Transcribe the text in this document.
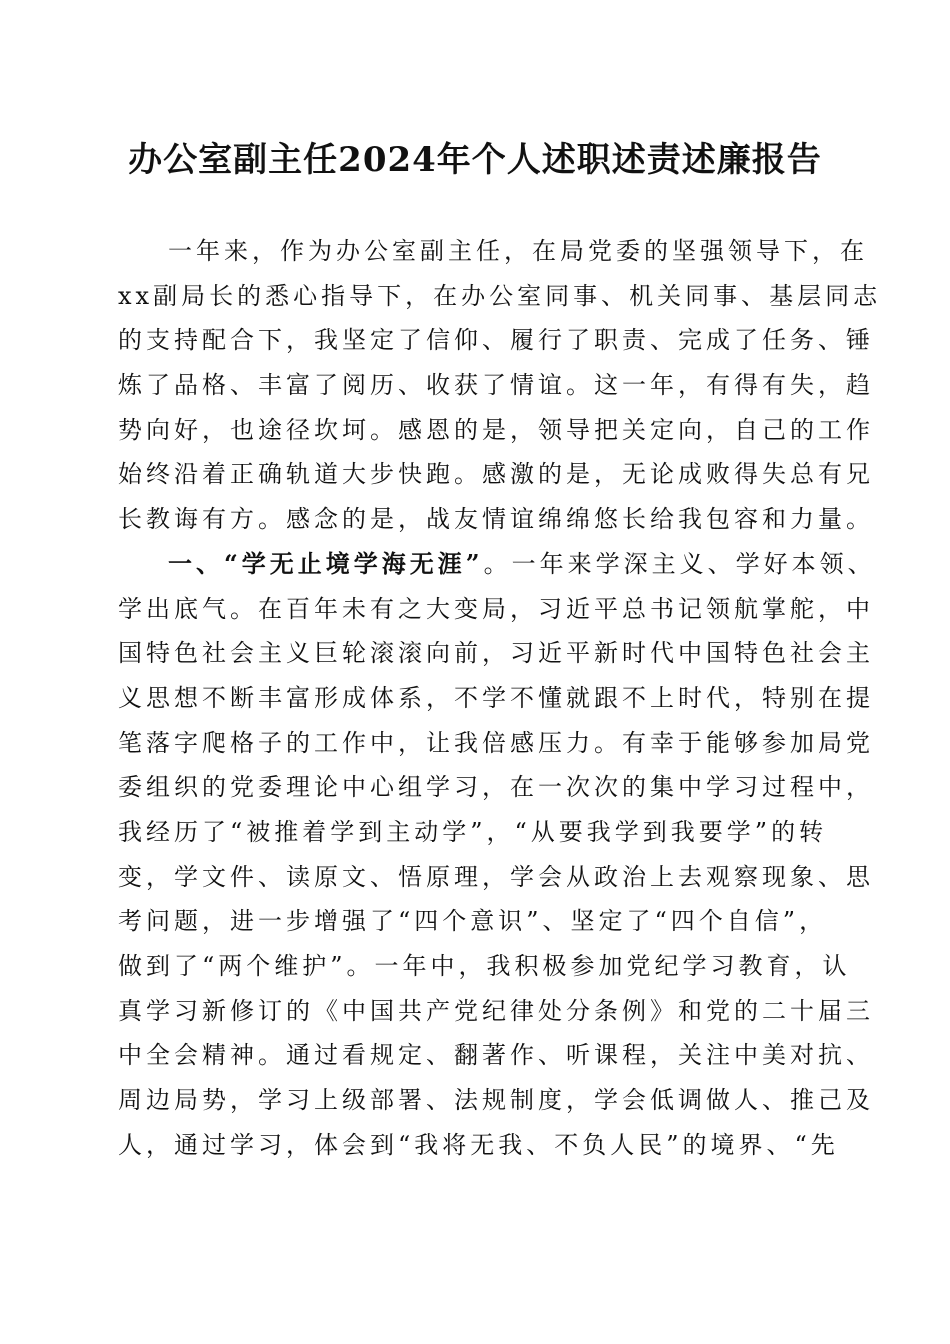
办公室副主任2024年个人述职述责述廉报告
一年来，作为办公室副主任，在局党委的坚强领导下，在
xx副局长的悉心指导下，在办公室同事、机关同事、基层同志
的支持配合下，我坚定了信仰、履行了职责、完成了任务、锤
炼了品格、丰富了阅历、收获了情谊。这一年，有得有失，趋
势向好，也途径坎坷。感恩的是，领导把关定向，自己的工作
始终沿着正确轨道大步快跑。感激的是，无论成败得失总有兄
长教诲有方。感念的是，战友情谊绵绵悠长给我包容和力量。
一、“学无止境学海无涯”。一年来学深主义、学好本领、
学出底气。在百年未有之大变局，习近平总书记领航掌舵，中
国特色社会主义巨轮滚滚向前，习近平新时代中国特色社会主
义思想不断丰富形成体系，不学不懂就跟不上时代，特别在提
笔落字爬格子的工作中，让我倍感压力。有幸于能够参加局党
委组织的党委理论中心组学习，在一次次的集中学习过程中，
我经历了“被推着学到主动学”，“从要我学到我要学”的转
变，学文件、读原文、悟原理，学会从政治上去观察现象、思
考问题，进一步增强了“四个意识”、坚定了“四个自信”，
做到了“两个维护”。一年中，我积极参加党纪学习教育，认
真学习新修订的《中国共产党纪律处分条例》和党的二十届三
中全会精神。通过看规定、翻著作、听课程，关注中美对抗、
周边局势，学习上级部署、法规制度，学会低调做人、推己及
人，通过学习，体会到“我将无我、不负人民”的境界、“先
